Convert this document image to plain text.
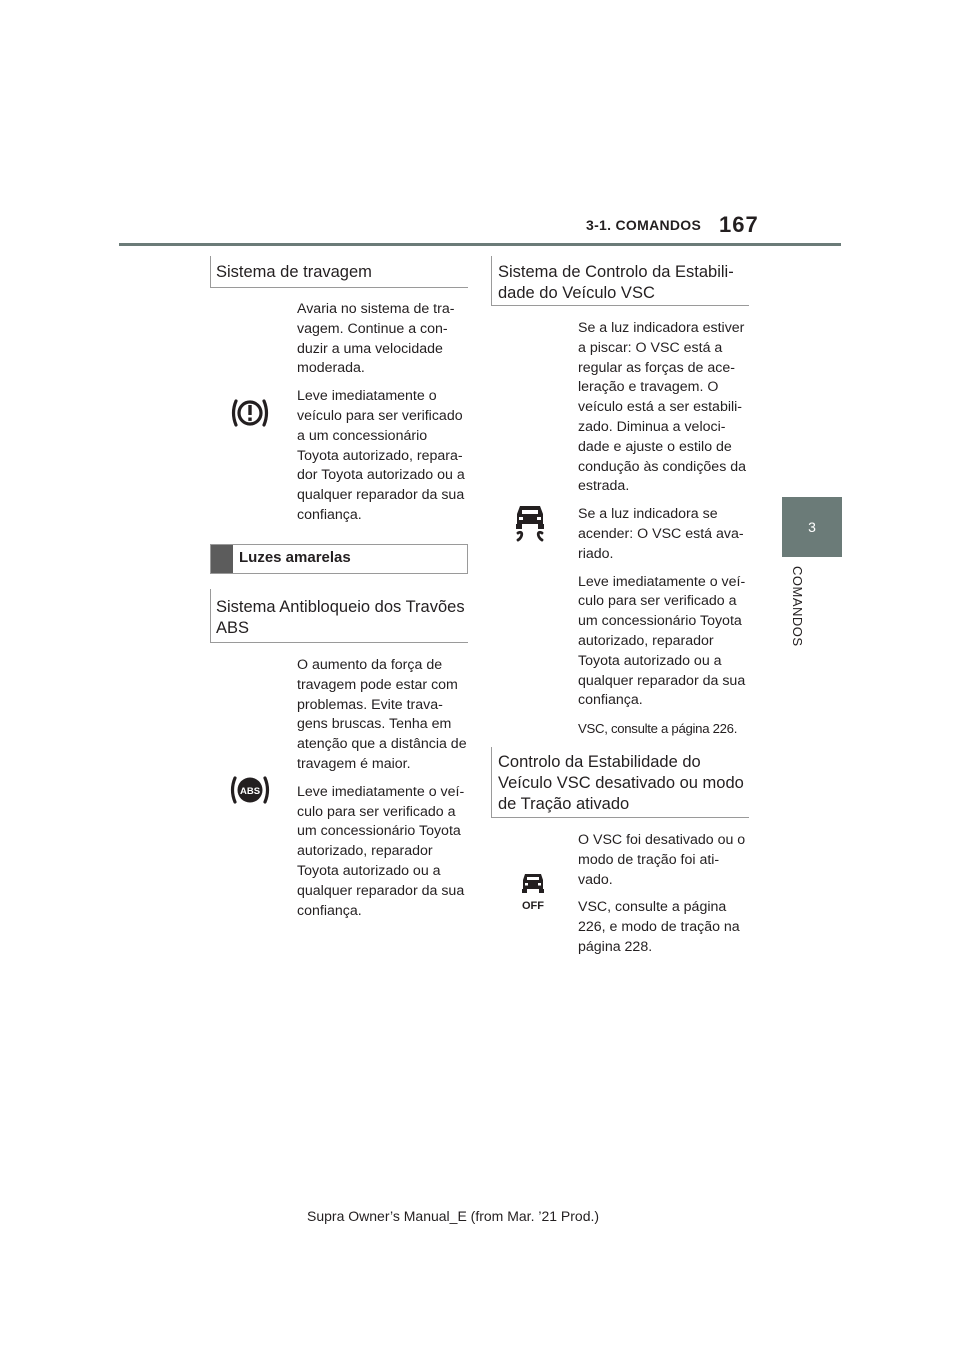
3-1. COMANDOS 167
3
COMANDOS
Sistema de travagem

Avaria no sistema de tra-vagem. Continue a con-duzir a uma velocidade moderada.

Leve imediatamente o veículo para ser verificado a um concessionário Toyota autorizado, repara-dor Toyota autorizado ou a qualquer reparador da sua confiança.

Luzes amarelas
Sistema Antibloqueio dos Travões ABS
ABS

O aumento da força de travagem pode estar com problemas. Evite trava-gens bruscas. Tenha em atenção que a distância de travagem é maior.

Leve imediatamente o veí-culo para ser verificado a um concessionário Toyota autorizado, reparador Toyota autorizado ou a qualquer reparador da sua confiança.

Sistema de Controlo da Estabili-dade do Veículo VSC

Se a luz indicadora estiver a piscar: O VSC está a regular as forças de ace-leração e travagem. O veículo está a ser estabili-zado. Diminua a veloci-dade e ajuste o estilo de condução às condições da estrada.

Se a luz indicadora se acender: O VSC está ava-riado.

Leve imediatamente o veí-culo para ser verificado a um concessionário Toyota autorizado, reparador Toyota autorizado ou a qualquer reparador da sua confiança.

VSC, consulte a página 226.

Controlo da Estabilidade do Veículo VSC desativado ou modo de Tração ativado
OFF

O VSC foi desativado ou o modo de tração foi ati-vado.

VSC, consulte a página 226, e modo de tração na página 228.

Supra Owner’s Manual_E (from Mar. ’21 Prod.)
